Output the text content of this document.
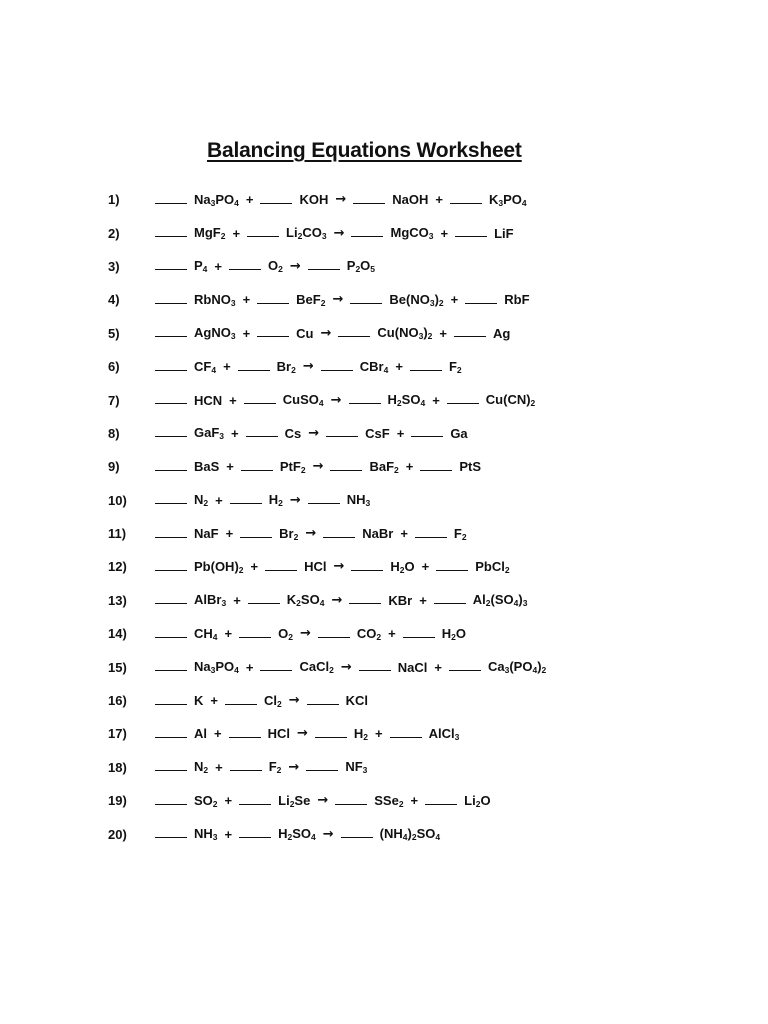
Balancing Equations Worksheet
1)	$Na_3PO_4$ +	KOH →	NaOH +	$K_3PO_4$
2)	MgF$_2$ +	$Li_2CO_3$ →	MgCO$_3$ +	LiF
3)	$P_4$ +	$O_2$ →	$P_2O_5$
4)	RbNO$_3$ +	BeF$_2$ →	$Be(NO_3)_2$ +	RbF
5)	AgNO$_3$ +	Cu →	$Cu(NO_3)_2$ +	Ag
6)	$CF_4$ +	$Br_2$ →	CBr$_4$ +	$F_2$
7)	HCN +	CuSO$_4$ →	$H_2SO_4$ +	$Cu(CN)_2$
8)	GaF$_3$ +	Cs →	CsF +	Ga
9)	BaS +	PtF$_2$ →	BaF$_2$ +	PtS
10)	$N_2$ +	$H_2$ →	$NH_3$
11)	NaF +	$Br_2$ →	NaBr +	$F_2$
12)	$Pb(OH)_2$ +	HCl →	$H_2O$ +	PbCl$_2$
13)	AlBr$_3$ +	$K_2SO_4$ →	KBr +	$Al_2(SO_4)_3$
14)	$CH_4$ +	$O_2$ →	$CO_2$ +	$H_2O$
15)	$Na_3PO_4$ +	CaCl$_2$ →	NaCl +	$Ca_3(PO_4)_2$
16)	K +	$Cl_2$ →	KCl
17)	Al +	HCl →	$H_2$ +	AlCl$_3$
18)	$N_2$ +	$F_2$ →	$NF_3$
19)	$SO_2$ +	$Li_2Se$ →	SSe$_2$ +	$Li_2O$
20)	$NH_3$ +	$H_2SO_4$ →	$(NH_4)_2SO_4$
